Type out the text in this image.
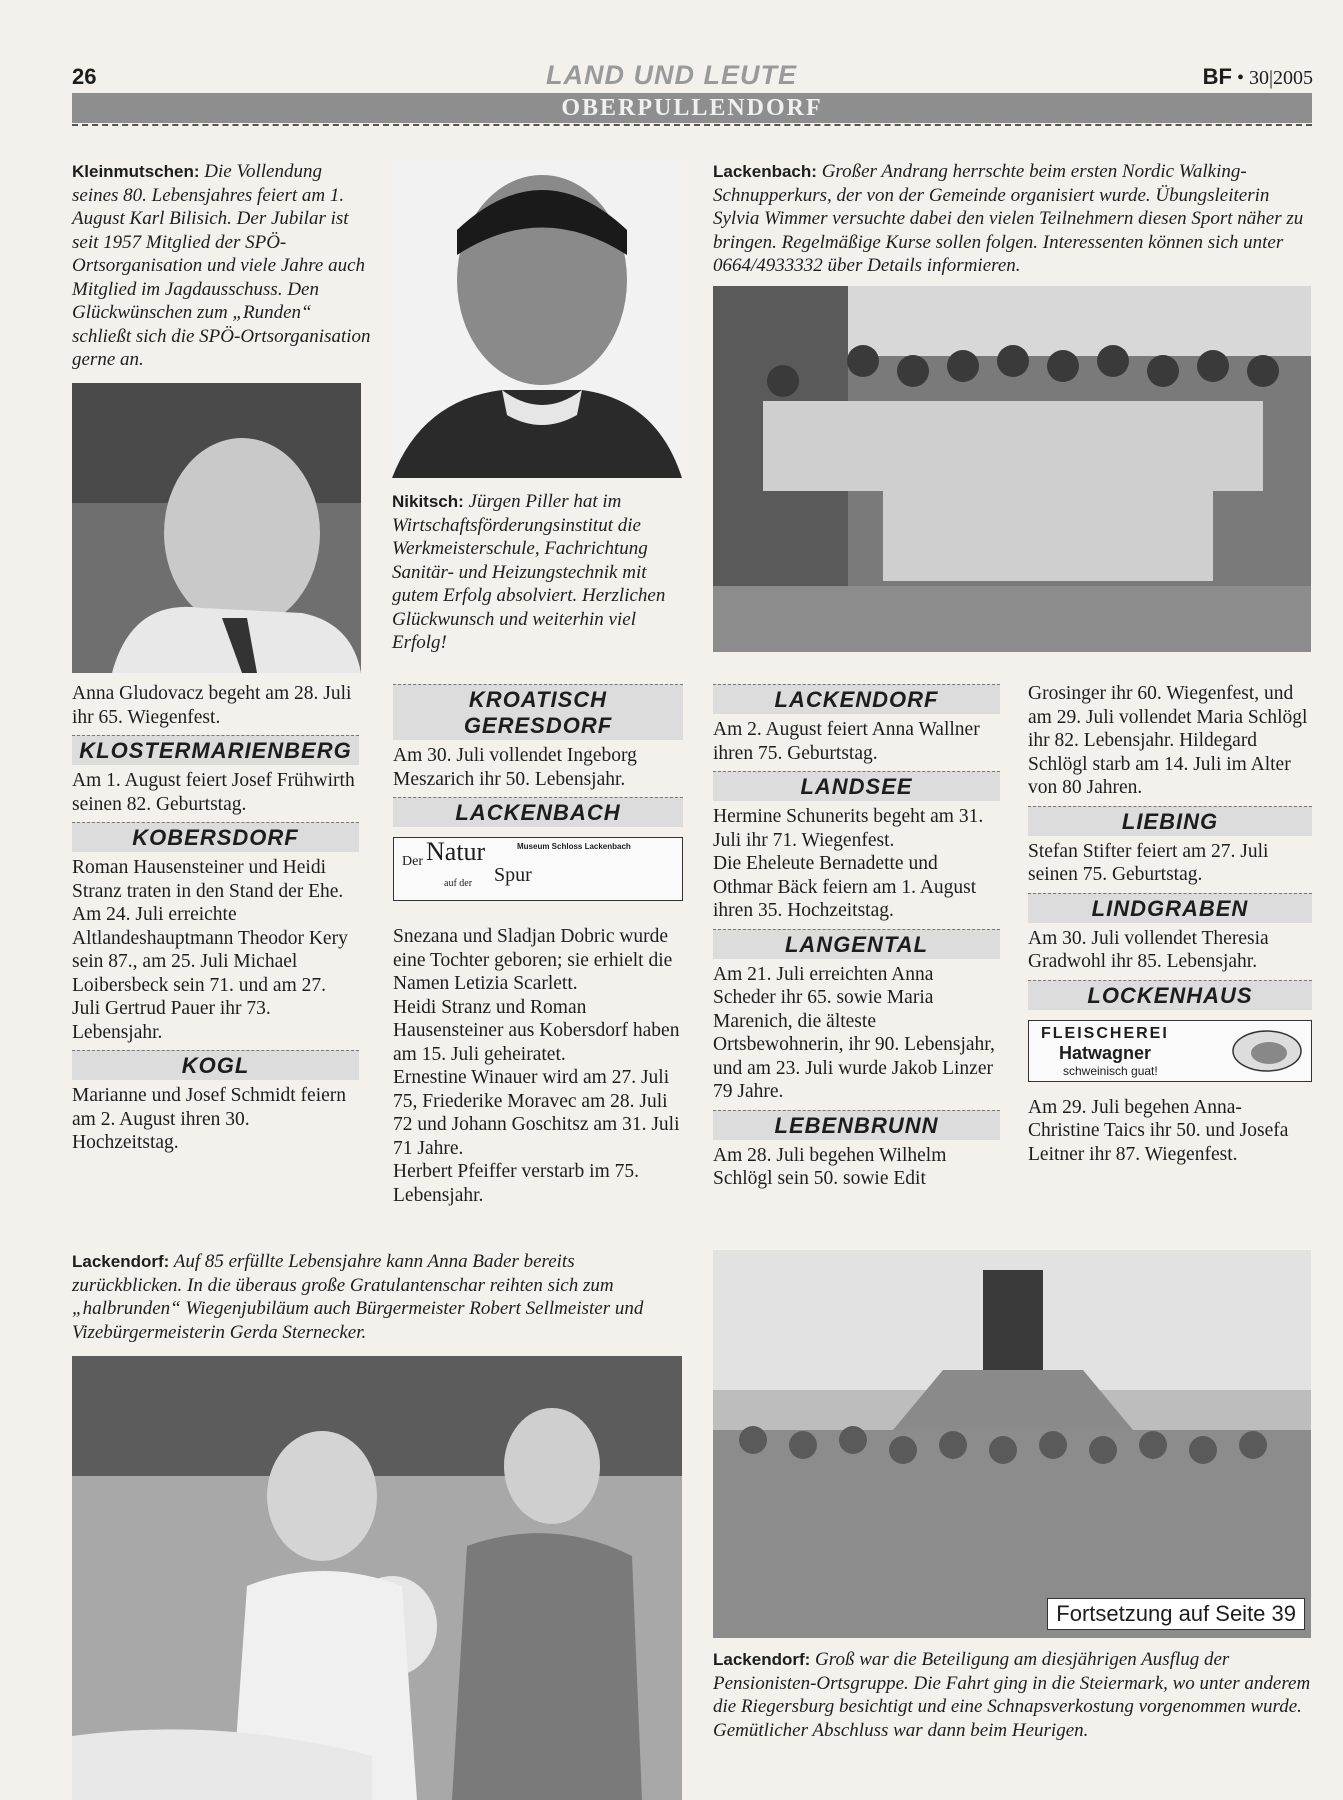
26	LAND UND LEUTE	BF • 30|2005
OBERPULLENDORF
Kleinmutschen: Die Vollendung seines 80. Lebensjahres feiert am 1. August Karl Bilisich. Der Jubilar ist seit 1957 Mitglied der SPÖ-Ortsorganisation und viele Jahre auch Mitglied im Jagdausschuss. Den Glückwünschen zum „Runden“ schließt sich die SPÖ-Ortsorganisation gerne an.
Nikitsch: Jürgen Piller hat im Wirtschaftsförderungsinstitut die Werkmeisterschule, Fachrichtung Sanitär- und Heizungstechnik mit gutem Erfolg absolviert. Herzlichen Glückwunsch und weiterhin viel Erfolg!
Lackenbach: Großer Andrang herrschte beim ersten Nordic Walking-Schnupperkurs, der von der Gemeinde organisiert wurde. Übungsleiterin Sylvia Wimmer versuchte dabei den vielen Teilnehmern diesen Sport näher zu bringen. Regelmäßige Kurse sollen folgen. Interessenten können sich unter 0664/4933332 über Details informieren.

Anna Gludovacz begeht am 28. Juli ihr 65. Wiegenfest.

KLOSTERMARIENBERG

Am 1. August feiert Josef Frühwirth seinen 82. Geburtstag.

KOBERSDORF

Roman Hausensteiner und Heidi Stranz traten in den Stand der Ehe.

Am 24. Juli erreichte Altlandeshauptmann Theodor Kery sein 87., am 25. Juli Michael Loibersbeck sein 71. und am 27. Juli Gertrud Pauer ihr 73. Lebensjahr.

KOGL

Marianne und Josef Schmidt feiern am 2. August ihren 30. Hochzeitstag.

KROATISCH GERESDORF

Am 30. Juli vollendet Ingeborg Meszarich ihr 50. Lebensjahr.

LACKENBACH
Der Natur
auf der Spur
Museum Schloss Lackenbach

Snezana und Sladjan Dobric wurde eine Tochter geboren; sie erhielt die Namen Letizia Scarlett.

Heidi Stranz und Roman Hausensteiner aus Kobersdorf haben am 15. Juli geheiratet.

Ernestine Winauer wird am 27. Juli 75, Friederike Moravec am 28. Juli 72 und Johann Goschitsz am 31. Juli 71 Jahre.

Herbert Pfeiffer verstarb im 75. Lebensjahr.

LACKENDORF

Am 2. August feiert Anna Wallner ihren 75. Geburtstag.

LANDSEE

Hermine Schunerits begeht am 31. Juli ihr 71. Wiegenfest.

Die Eheleute Bernadette und Othmar Bäck feiern am 1. August ihren 35. Hochzeitstag.

LANGENTAL

Am 21. Juli erreichten Anna Scheder ihr 65. sowie Maria Marenich, die älteste Ortsbewohnerin, ihr 90. Lebensjahr, und am 23. Juli wurde Jakob Linzer 79 Jahre.

LEBENBRUNN

Am 28. Juli begehen Wilhelm Schlögl sein 50. sowie Edit

Grosinger ihr 60. Wiegenfest, und am 29. Juli vollendet Maria Schlögl ihr 82. Lebensjahr. Hildegard Schlögl starb am 14. Juli im Alter von 80 Jahren.

LIEBING

Stefan Stifter feiert am 27. Juli seinen 75. Geburtstag.

LINDGRABEN

Am 30. Juli vollendet Theresia Gradwohl ihr 85. Lebensjahr.

LOCKENHAUS
FLEISCHEREI
Hatwagner
schweinisch guat!

Am 29. Juli begehen Anna-Christine Taics ihr 50. und Josefa Leitner ihr 87. Wiegenfest.

Lackendorf: Auf 85 erfüllte Lebensjahre kann Anna Bader bereits zurückblicken. In die überaus große Gratulantenschar reihten sich zum „halbrunden“ Wiegenjubiläum auch Bürgermeister Robert Sellmeister und Vizebürgermeisterin Gerda Sternecker.
Fortsetzung auf Seite 39
Lackendorf: Groß war die Beteiligung am diesjährigen Ausflug der Pensionisten-Ortsgruppe. Die Fahrt ging in die Steiermark, wo unter anderem die Riegersburg besichtigt und eine Schnapsverkostung vorgenommen wurde. Gemütlicher Abschluss war dann beim Heurigen.
